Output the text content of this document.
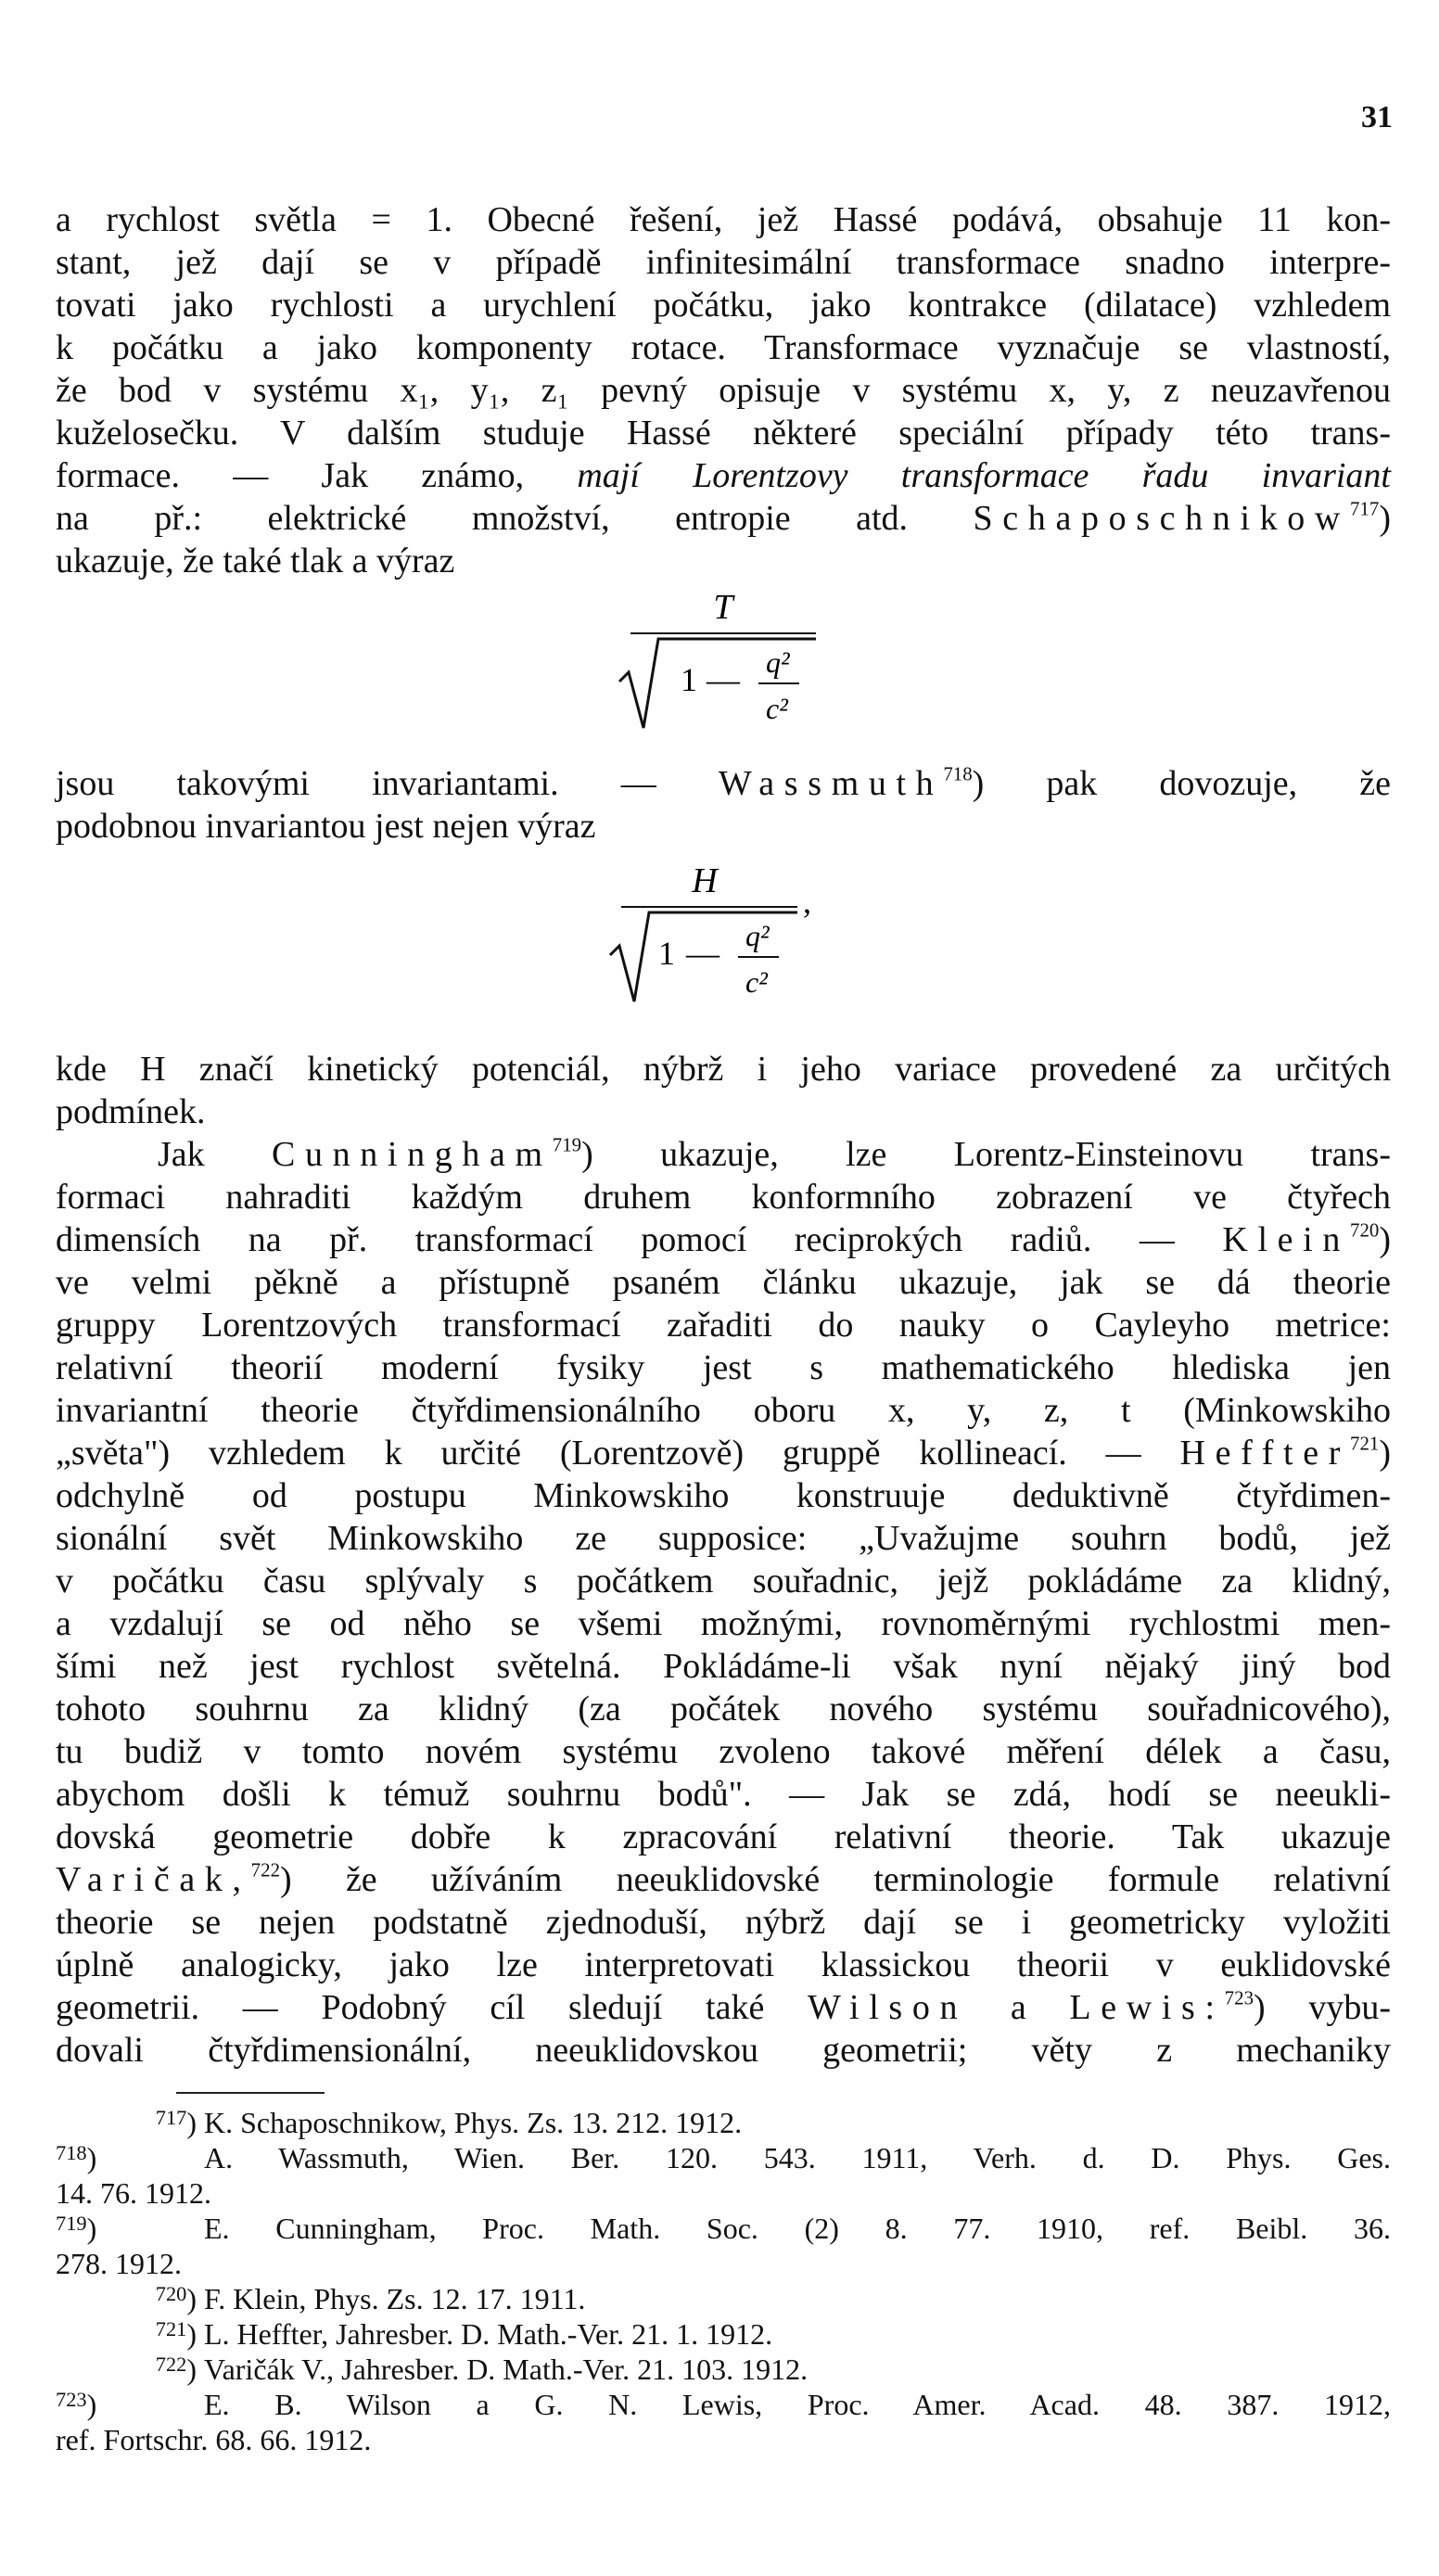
31
a rychlost světla = 1. Obecné řešení, jež Hassé podává, obsahuje 11 kon-
stant, jež dají se v případě infinitesimální transformace snadno interpre-
tovati jako rychlosti a urychlení počátku, jako kontrakce (dilatace) vzhledem
k počátku a jako komponenty rotace. Transformace vyznačuje se vlastností,
že bod v systému x₁, y₁, z₁ pevný opisuje v systému x, y, z neuzavřenou
kuželosečku. V dalším studuje Hassé některé speciální případy této trans-
formace. — Jak známo, mají Lorentzovy transformace řadu invariant
na př.: elektrické množství, entropie atd. Schaposchnikow$^{717}$)
ukazuje, že také tlak a výraz
T
1 — q²
c²
jsou takovými invariantami. — Wassmuth$^{718}$) pak dovozuje, že
podobnou invariantou jest nejen výraz
H
,
1 — q²
c²
kde H značí kinetický potenciál, nýbrž i jeho variace provedené za určitých
podmínek.
Jak Cunningham$^{719}$) ukazuje, lze Lorentz-Einsteinovu trans-
formaci nahraditi každým druhem konformního zobrazení ve čtyřech
dimensích na př. transformací pomocí reciprokých radiů. — Klein$^{720}$)
ve velmi pěkně a přístupně psaném článku ukazuje, jak se dá theorie
gruppy Lorentzových transformací zařaditi do nauky o Cayleyho metrice:
relativní theorií moderní fysiky jest s mathematického hlediska jen
invariantní theorie čtyřdimensionálního oboru x, y, z, t (Minkowskiho
„světa") vzhledem k určité (Lorentzově) gruppě kollineací. — Heffter$^{721}$)
odchylně od postupu Minkowskiho konstruuje deduktivně čtyřdimen-
sionální svět Minkowskiho ze supposice: „Uvažujme souhrn bodů, jež
v počátku času splývaly s počátkem souřadnic, jejž pokládáme za klidný,
a vzdalují se od něho se všemi možnými, rovnoměrnými rychlostmi men-
šími než jest rychlost světelná. Pokládáme-li však nyní nějaký jiný bod
tohoto souhrnu za klidný (za počátek nového systému souřadnicového),
tu budiž v tomto novém systému zvoleno takové měření délek a času,
abychom došli k témuž souhrnu bodů". — Jak se zdá, hodí se neeukli-
dovská geometrie dobře k zpracování relativní theorie. Tak ukazuje
Varičak,$^{722}$) že užíváním neeuklidovské terminologie formule relativní
theorie se nejen podstatně zjednoduší, nýbrž dají se i geometricky vyložiti
úplně analogicky, jako lze interpretovati klassickou theorii v euklidovské
geometrii. — Podobný cíl sledují také Wilson a Lewis:$^{723}$) vybu-
dovali čtyřdimensionální, neeuklidovskou geometrii; věty z mechaniky
$^{717}$) K. Schaposchnikow, Phys. Zs. 13. 212. 1912.
$^{718}$)	A. Wassmuth, Wien. Ber. 120. 543. 1911, Verh. d. D. Phys. Ges.
14. 76. 1912.
$^{719}$)	E. Cunningham, Proc. Math. Soc. (2) 8. 77. 1910, ref. Beibl. 36.
278. 1912.
$^{720}$) F. Klein, Phys. Zs. 12. 17. 1911.
$^{721}$) L. Heffter, Jahresber. D. Math.-Ver. 21. 1. 1912.
$^{722}$) Varičák V., Jahresber. D. Math.-Ver. 21. 103. 1912.
$^{723}$)	E. B. Wilson a G. N. Lewis, Proc. Amer. Acad. 48. 387. 1912,
ref. Fortschr. 68. 66. 1912.
